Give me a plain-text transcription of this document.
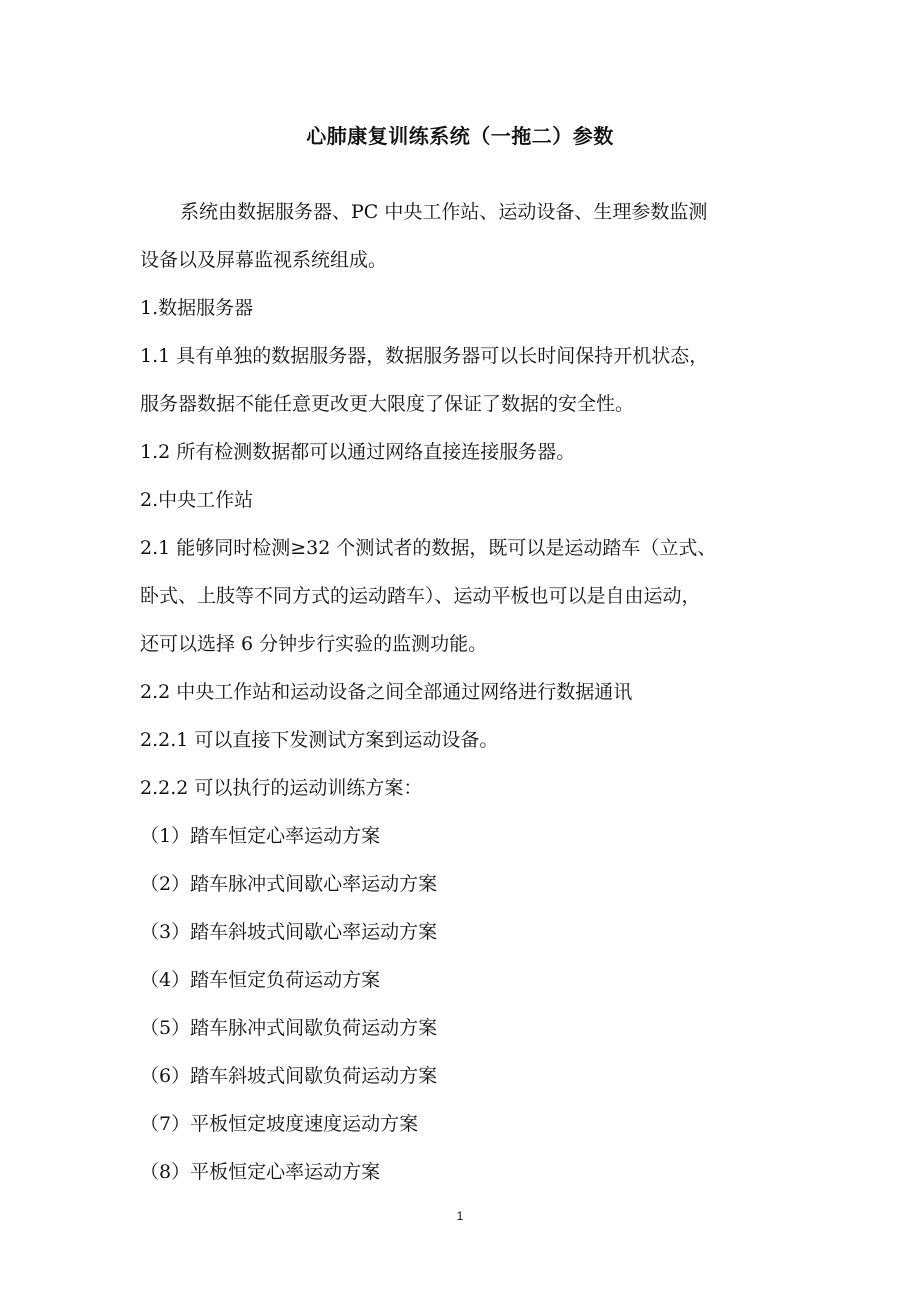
心肺康复训练系统（一拖二）参数

系统由数据服务器、PC 中央工作站、运动设备、生理参数监测

设备以及屏幕监视系统组成。

1.数据服务器

1.1 具有单独的数据服务器，数据服务器可以长时间保持开机状态，

服务器数据不能任意更改更大限度了保证了数据的安全性。

1.2 所有检测数据都可以通过网络直接连接服务器。

2.中央工作站

2.1 能够同时检测≥32 个测试者的数据，既可以是运动踏车（立式、

卧式、上肢等不同方式的运动踏车）、运动平板也可以是自由运动，

还可以选择 6 分钟步行实验的监测功能。

2.2 中央工作站和运动设备之间全部通过网络进行数据通讯

2.2.1 可以直接下发测试方案到运动设备。

2.2.2 可以执行的运动训练方案：

（1）踏车恒定心率运动方案

（2）踏车脉冲式间歇心率运动方案

（3）踏车斜坡式间歇心率运动方案

（4）踏车恒定负荷运动方案

（5）踏车脉冲式间歇负荷运动方案

（6）踏车斜坡式间歇负荷运动方案

（7）平板恒定坡度速度运动方案

（8）平板恒定心率运动方案

1
